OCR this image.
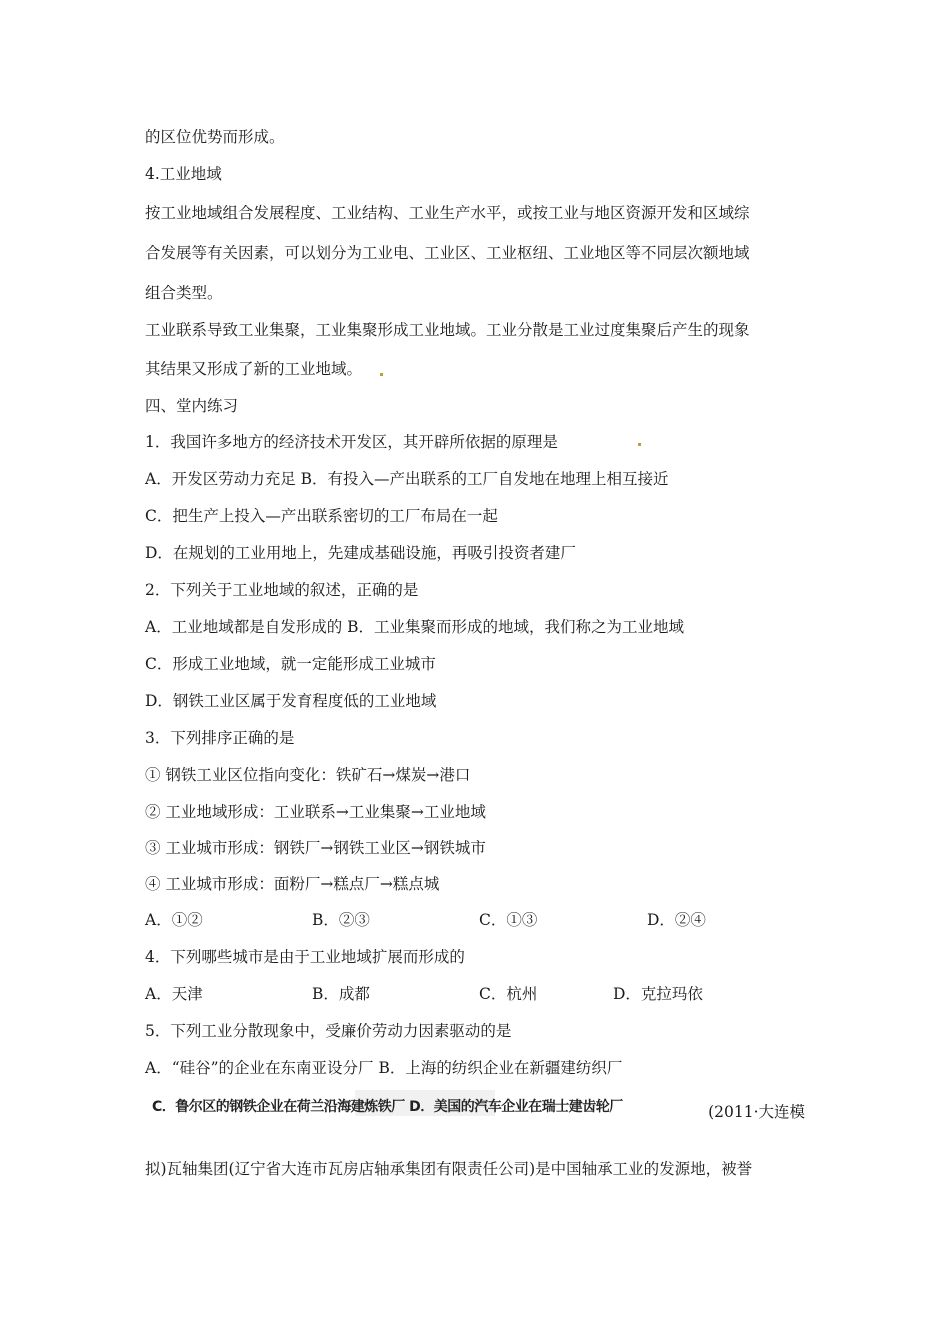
的区位优势而形成。
4.工业地域
按工业地域组合发展程度、工业结构、工业生产水平，或按工业与地区资源开发和区域综
合发展等有关因素，可以划分为工业电、工业区、工业枢纽、工业地区等不同层次额地域
组合类型。
工业联系导致工业集聚，工业集聚形成工业地域。工业分散是工业过度集聚后产生的现象
其结果又形成了新的工业地域。
四、堂内练习
1．我国许多地方的经济技术开发区，其开辟所依据的原理是
A．开发区劳动力充足 B．有投入—产出联系的工厂自发地在地理上相互接近
C．把生产上投入—产出联系密切的工厂布局在一起
D．在规划的工业用地上，先建成基础设施，再吸引投资者建厂
2．下列关于工业地域的叙述，正确的是
A．工业地域都是自发形成的 B．工业集聚而形成的地域，我们称之为工业地域
C．形成工业地域，就一定能形成工业城市
D．钢铁工业区属于发育程度低的工业地域
3．下列排序正确的是
① 钢铁工业区位指向变化：铁矿石→煤炭→港口
② 工业地域形成：工业联系→工业集聚→工业地域
③ 工业城市形成：钢铁厂→钢铁工业区→钢铁城市
④ 工业城市形成：面粉厂→糕点厂→糕点城
A．①②	B．②③	C．①③	D．②④
4．下列哪些城市是由于工业地域扩展而形成的
A．天津	B．成都	C．杭州	D．克拉玛依
5．下列工业分散现象中，受廉价劳动力因素驱动的是
A．“硅谷”的企业在东南亚设分厂 B．上海的纺织企业在新疆建纺织厂
C．鲁尔区的钢铁企业在荷兰沿海建炼铁厂 D．美国的汽车企业在瑞士建齿轮厂	(2011·大连模
拟)瓦轴集团(辽宁省大连市瓦房店轴承集团有限责任公司)是中国轴承工业的发源地，被誉
